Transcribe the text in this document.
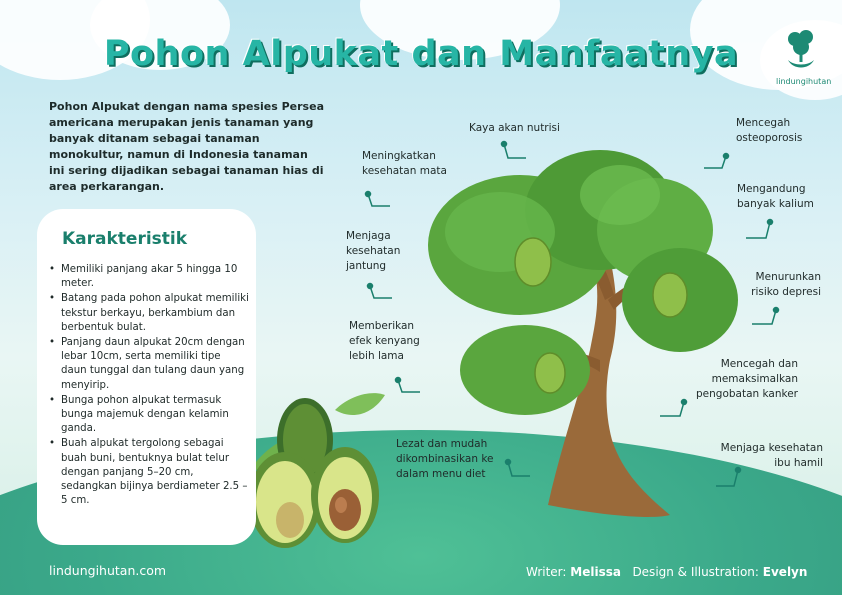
Pohon Alpukat dan Manfaatnya
lindungihutan
Pohon Alpukat dengan nama spesies Persea americana merupakan jenis tanaman yang banyak ditanam sebagai tanaman monokultur, namun di Indonesia tanaman ini sering dijadikan sebagai tanaman hias di area perkarangan.
Karakteristik
• Memiliki panjang akar 5 hingga 10 meter.
• Batang pada pohon alpukat memiliki tekstur berkayu, berkambium dan berbentuk bulat.
• Panjang daun alpukat 20cm dengan lebar 10cm, serta memiliki tipe daun tunggal dan tulang daun yang menyirip.
• Bunga pohon alpukat termasuk bunga majemuk dengan kelamin ganda.
• Buah alpukat tergolong sebagai buah buni, bentuknya bulat telur dengan panjang 5–20 cm, sedangkan bijinya berdiameter 2.5 – 5 cm.
Kaya akan nutrisi
Meningkatkan kesehatan mata
Menjaga kesehatan jantung
Memberikan efek kenyang lebih lama
Lezat dan mudah dikombinasikan ke dalam menu diet
Mencegah osteoporosis
Mengandung banyak kalium
Menurunkan risiko depresi
Mencegah dan memaksimalkan pengobatan kanker
Menjaga kesehatan ibu hamil
lindungihutan.com	Writer: Melissa Design & Illustration: Evelyn
